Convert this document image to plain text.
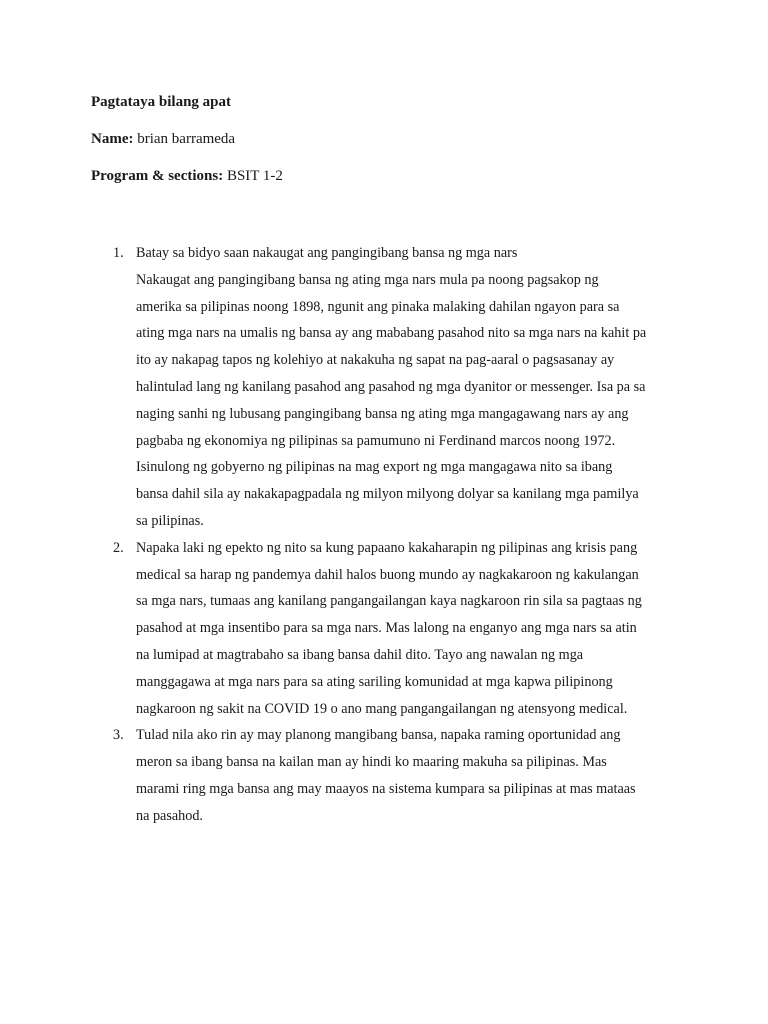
Pagtataya bilang apat
Name: brian barrameda
Program & sections: BSIT 1-2
1. Batay sa bidyo saan nakaugat ang pangingibang bansa ng mga nars
Nakaugat ang pangingibang bansa ng ating mga nars mula pa noong pagsakop ng
amerika sa pilipinas noong 1898, ngunit ang pinaka malaking dahilan ngayon para sa
ating mga nars na umalis ng bansa ay ang mababang pasahod nito sa mga nars na kahit pa
ito ay nakapag tapos ng kolehiyo at nakakuha ng sapat na pag-aaral o pagsasanay ay
halintulad lang ng kanilang pasahod ang pasahod ng mga dyanitor or messenger. Isa pa sa
naging sanhi ng lubusang pangingibang bansa ng ating mga mangagawang nars ay ang
pagbaba ng ekonomiya ng pilipinas sa pamumuno ni Ferdinand marcos noong 1972.
Isinulong ng gobyerno ng pilipinas na mag export ng mga mangagawa nito sa ibang
bansa dahil sila ay nakakapagpadala ng milyon milyong dolyar sa kanilang mga pamilya
sa pilipinas.
2. Napaka laki ng epekto ng nito sa kung papaano kakaharapin ng pilipinas ang krisis pang
medical sa harap ng pandemya dahil halos buong mundo ay nagkakaroon ng kakulangan
sa mga nars, tumaas ang kanilang pangangailangan kaya nagkaroon rin sila sa pagtaas ng
pasahod at mga insentibo para sa mga nars. Mas lalong na enganyo ang mga nars sa atin
na lumipad at magtrabaho sa ibang bansa dahil dito. Tayo ang nawalan ng mga
manggagawa at mga nars para sa ating sariling komunidad at mga kapwa pilipinong
nagkaroon ng sakit na COVID 19 o ano mang pangangailangan ng atensyong medical.
3. Tulad nila ako rin ay may planong mangibang bansa, napaka raming oportunidad ang
meron sa ibang bansa na kailan man ay hindi ko maaring makuha sa pilipinas. Mas
marami ring mga bansa ang may maayos na sistema kumpara sa pilipinas at mas mataas
na pasahod.
